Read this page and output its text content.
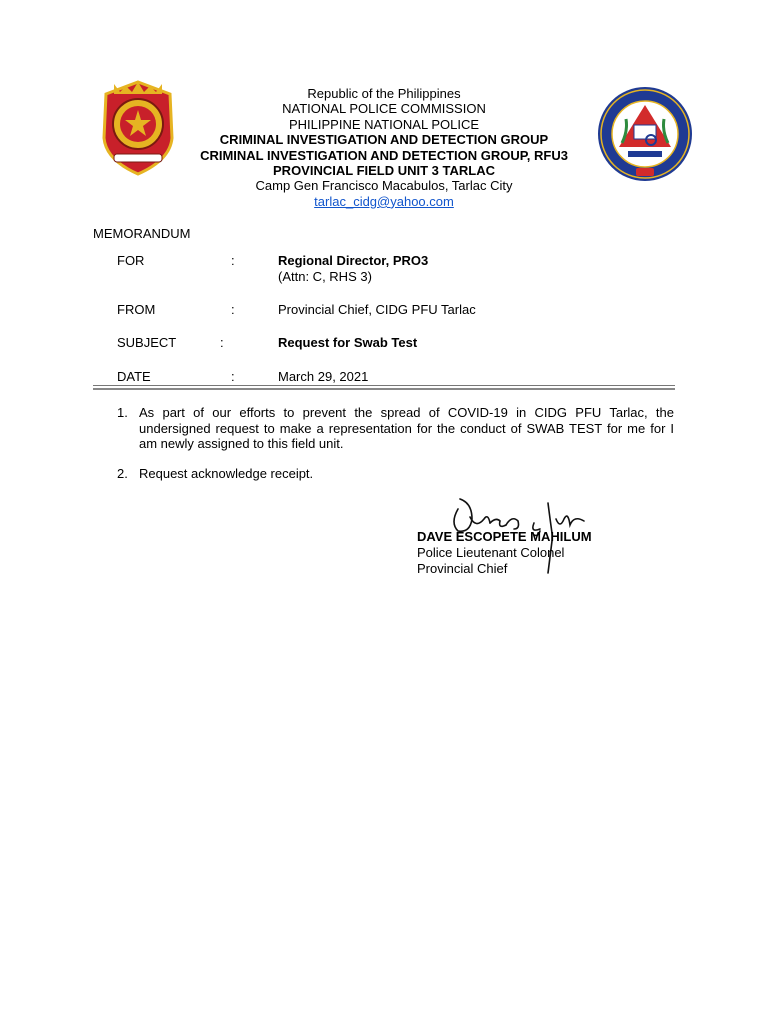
Republic of the Philippines
NATIONAL POLICE COMMISSION
PHILIPPINE NATIONAL POLICE
CRIMINAL INVESTIGATION AND DETECTION GROUP
CRIMINAL INVESTIGATION AND DETECTION GROUP, RFU3
PROVINCIAL FIELD UNIT 3 TARLAC
Camp Gen Francisco Macabulos, Tarlac City
tarlac_cidg@yahoo.com
MEMORANDUM
FOR	:	Regional Director, PRO3
(Attn: C, RHS 3)
FROM	:	Provincial Chief, CIDG PFU Tarlac
SUBJECT	:	Request for Swab Test
DATE	:	March 29, 2021
1. As part of our efforts to prevent the spread of COVID-19 in CIDG PFU Tarlac, the undersigned request to make a representation for the conduct of SWAB TEST for me for I am newly assigned to this field unit.
2. Request acknowledge receipt.
DAVE ESCOPETE MAHILUM
Police Lieutenant Colonel
Provincial Chief
